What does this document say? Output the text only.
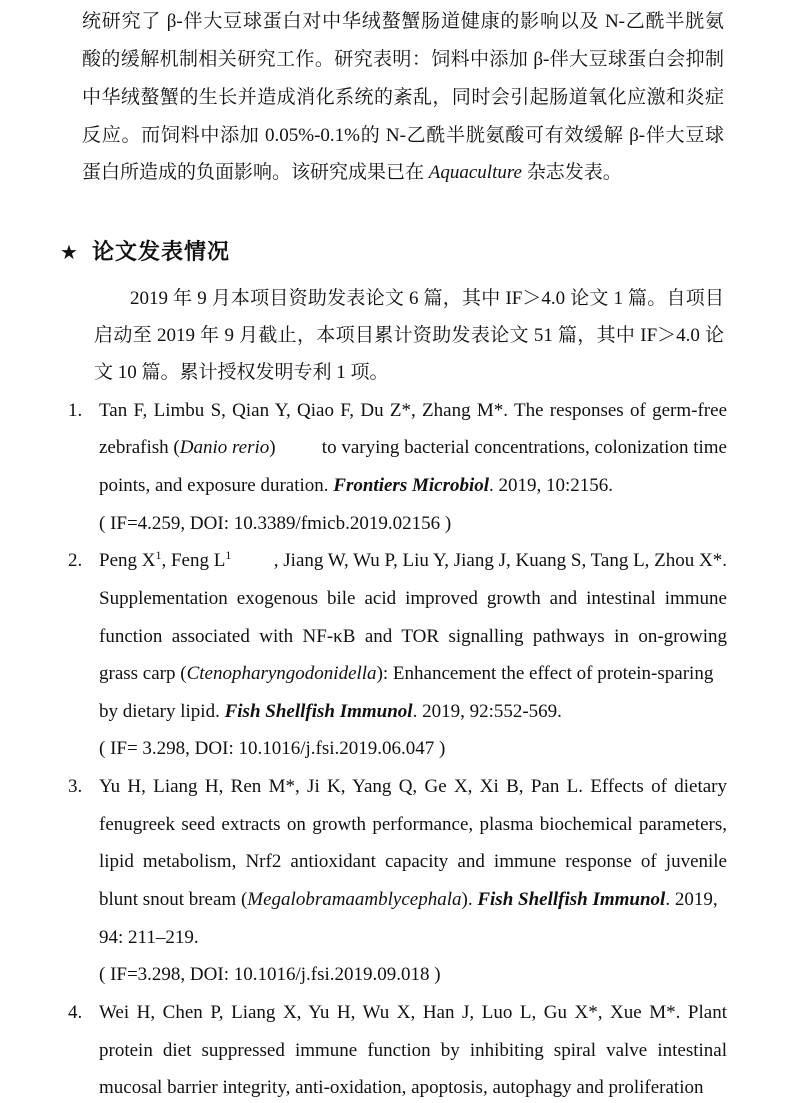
统研究了 β-伴大豆球蛋白对中华绒螯蟹肠道健康的影响以及 N-乙酰半胱氨
酸的缓解机制相关研究工作。研究表明：饲料中添加 β-伴大豆球蛋白会抑制
中华绒螯蟹的生长并造成消化系统的紊乱，同时会引起肠道氧化应激和炎症
反应。而饲料中添加 0.05%-0.1%的 N-乙酰半胱氨酸可有效缓解 β-伴大豆球
蛋白所造成的负面影响。该研究成果已在 Aquaculture 杂志发表。
★ 论文发表情况
2019 年 9 月本项目资助发表论文 6 篇，其中 IF＞4.0 论文 1 篇。自项目
启动至 2019 年 9 月截止，本项目累计资助发表论文 51 篇，其中 IF＞4.0 论
文 10 篇。累计授权发明专利 1 项。
1. Tan F, Limbu S, Qian Y, Qiao F, Du Z*, Zhang M*. The responses of germ-free
zebrafish (Danio rerio) to varying bacterial concentrations, colonization time
points, and exposure duration. Frontiers Microbiol. 2019, 10:2156.
( IF=4.259, DOI: 10.3389/fmicb.2019.02156 )
2. Peng $X^1$, Feng $L^1$ , Jiang W, Wu P, Liu Y, Jiang J, Kuang S, Tang L, Zhou X*.
Supplementation exogenous bile acid improved growth and intestinal immune
function associated with NF-κB and TOR signalling pathways in on-growing
grass carp (Ctenopharyngodonidella): Enhancement the effect of protein-sparing
by dietary lipid. Fish Shellfish Immunol. 2019, 92:552-569.
( IF= 3.298, DOI: 10.1016/j.fsi.2019.06.047 )
3. Yu H, Liang H, Ren M*, Ji K, Yang Q, Ge X, Xi B, Pan L. Effects of dietary
fenugreek seed extracts on growth performance, plasma biochemical parameters,
lipid metabolism, Nrf2 antioxidant capacity and immune response of juvenile
blunt snout bream (Megalobramaamblycephala). Fish Shellfish Immunol. 2019,
94: 211–219.
( IF=3.298, DOI: 10.1016/j.fsi.2019.09.018 )
4. Wei H, Chen P, Liang X, Yu H, Wu X, Han J, Luo L, Gu X*, Xue M*. Plant
protein diet suppressed immune function by inhibiting spiral valve intestinal
mucosal barrier integrity, anti-oxidation, apoptosis, autophagy and proliferation
